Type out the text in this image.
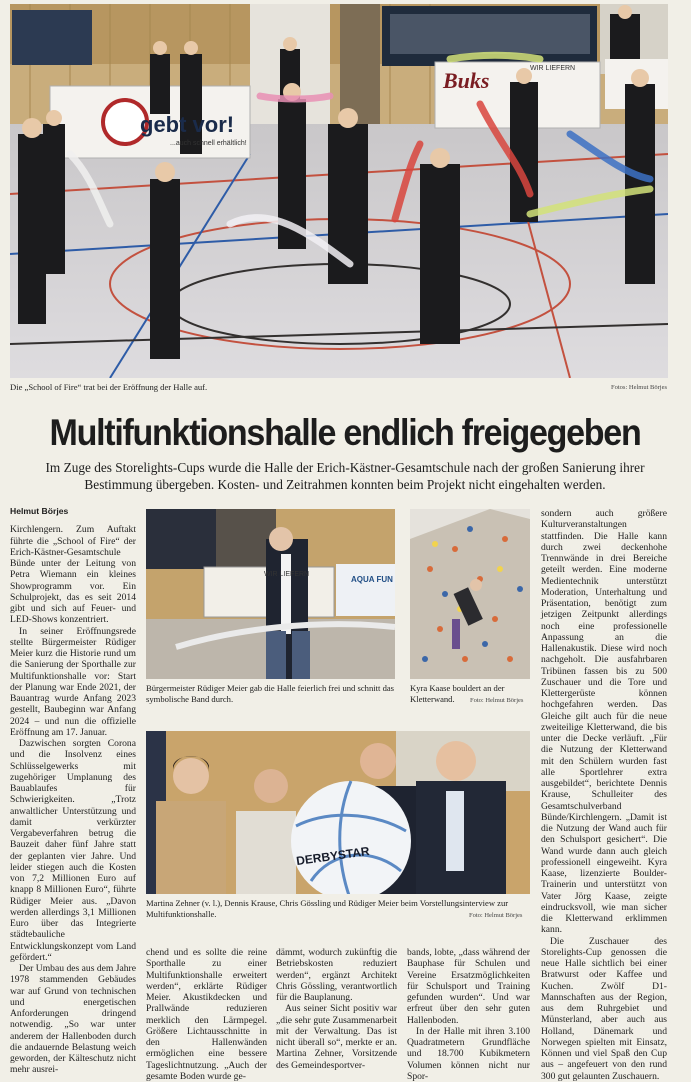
gebt vor!
...auch schnell erhältlich!
Buks	WIR LIEFERN
Die „School of Fire“ trat bei der Eröffnung der Halle auf.	Fotos: Helmut Börjes
Multifunktionshalle endlich freigegeben
Im Zuge des Storelights-Cups wurde die Halle der Erich-Kästner-Gesamtschule nach der großen Sanierung ihrer Bestimmung übergeben. Kosten- und Zeitrahmen konnten beim Projekt nicht eingehalten werden.

Helmut Börjes

Kirchlengern. Zum Auftakt führte die „School of Fire“ der Erich-Kästner-Gesamtschule Bünde unter der Leitung von Petra Wiemann ein kleines Showprogramm vor. Ein Schulprojekt, das es seit 2014 gibt und sich auf Feuer- und LED-Shows konzentriert.

In seiner Eröffnungsrede stellte Bürgermeister Rüdiger Meier kurz die Historie rund um die Sanierung der Sporthalle zur Multifunktionshalle vor: Start der Planung war Ende 2021, der Bauantrag wurde Anfang 2023 gestellt, Baubeginn war Anfang 2024 – und nun die offizielle Eröffnung am 17. Januar.

Dazwischen sorgten Corona und die Insolvenz eines Schlüsselgewerks mit zugehöriger Umplanung des Bauablaufes für Schwierigkeiten. „Trotz anwaltlicher Unterstützung und damit verkürzter Vergabeverfahren betrug die Bauzeit daher fünf Jahre statt der geplanten vier Jahre. Und leider stiegen auch die Kosten von 7,2 Millionen Euro auf knapp 8 Millionen Euro“, führte Rüdiger Meier aus. „Davon werden allerdings 3,1 Millionen Euro über das Integrierte städtebauliche Entwicklungskonzept vom Land gefördert.“

Der Umbau des aus dem Jahre 1978 stammenden Gebäudes war auf Grund von technischen und energetischen Anforderungen dringend notwendig. „So war unter anderem der Hallenboden durch die andauernde Belastung weich geworden, der Kälteschutz nicht mehr ausrei-

WIR LIEFERN
AQUA FUN
Bürgermeister Rüdiger Meier gab die Halle feierlich frei und schnitt das symbolische Band durch.
Kyra Kaase bouldert an der Kletterwand.	Foto: Helmut Börjes
DERBYSTAR
Martina Zehner (v. l.), Dennis Krause, Chris Gössling und Rüdiger Meier beim Vorstellungsinterview zur Multifunktionshalle.	Foto: Helmut Börjes

chend und es sollte die reine Sporthalle zu einer Multifunktionshalle erweitert werden“, erklärte Rüdiger Meier. Akustikdecken und Prallwände reduzieren merklich den Lärmpegel. Größere Lichtausschnitte in den Hallenwänden ermöglichen eine bessere Tageslichtnutzung. „Auch der gesamte Boden wurde ge-

dämmt, wodurch zukünftig die Betriebskosten reduziert werden“, ergänzt Architekt Chris Gössling, verantwortlich für die Bauplanung.

Aus seiner Sicht positiv war „die sehr gute Zusammenarbeit mit der Verwaltung. Das ist nicht überall so“, merkte er an. Martina Zehner, Vorsitzende des Gemeindesportver-

bands, lobte, „dass während der Bauphase für Schulen und Vereine Ersatzmöglichkeiten für Schulsport und Training gefunden wurden“. Und war erfreut über den sehr guten Hallenboden.

In der Halle mit ihren 3.100 Quadratmetern Grundfläche und 18.700 Kubikmetern Volumen können nicht nur Spor-

sondern auch größere Kulturveranstaltungen stattfinden. Die Halle kann durch zwei deckenhohe Trennwände in drei Bereiche geteilt werden. Eine moderne Medientechnik unterstützt Moderation, Unterhaltung und Präsentation, benötigt zum jetzigen Zeitpunkt allerdings noch eine professionelle Anpassung an die Hallenakustik. Diese wird noch nachgeholt. Die ausfahrbaren Tribünen fassen bis zu 500 Zuschauer und die Tore und Klettergerüste können hochgefahren werden. Das Gleiche gilt auch für die neue zweiteilige Kletterwand, die bis unter die Decke verläuft. „Für die Nutzung der Kletterwand mit den Schülern wurden fast alle Sportlehrer extra ausgebildet“, berichtete Dennis Krause, Schulleiter des Gesamtschulverband Bünde/Kirchlengern. „Damit ist die Nutzung der Wand auch für den Schulsport gesichert“. Die Wand wurde dann auch gleich professionell eingeweiht. Kyra Kaase, lizenzierte Boulder-Trainerin und unterstützt von Vater Jörg Kaase, zeigte eindrucksvoll, wie man sicher die Kletterwand erklimmen kann.

Die Zuschauer des Storelights-Cup genossen die neue Halle sichtlich bei einer Bratwurst oder Kaffee und Kuchen. Zwölf D1-Mannschaften aus der Region, aus dem Ruhrgebiet und Münsterland, aber auch aus Holland, Dänemark und Norwegen spielten mit Einsatz, Können und viel Spaß den Cup aus – angefeuert von den rund 300 gut gelaunten Zuschauern.
